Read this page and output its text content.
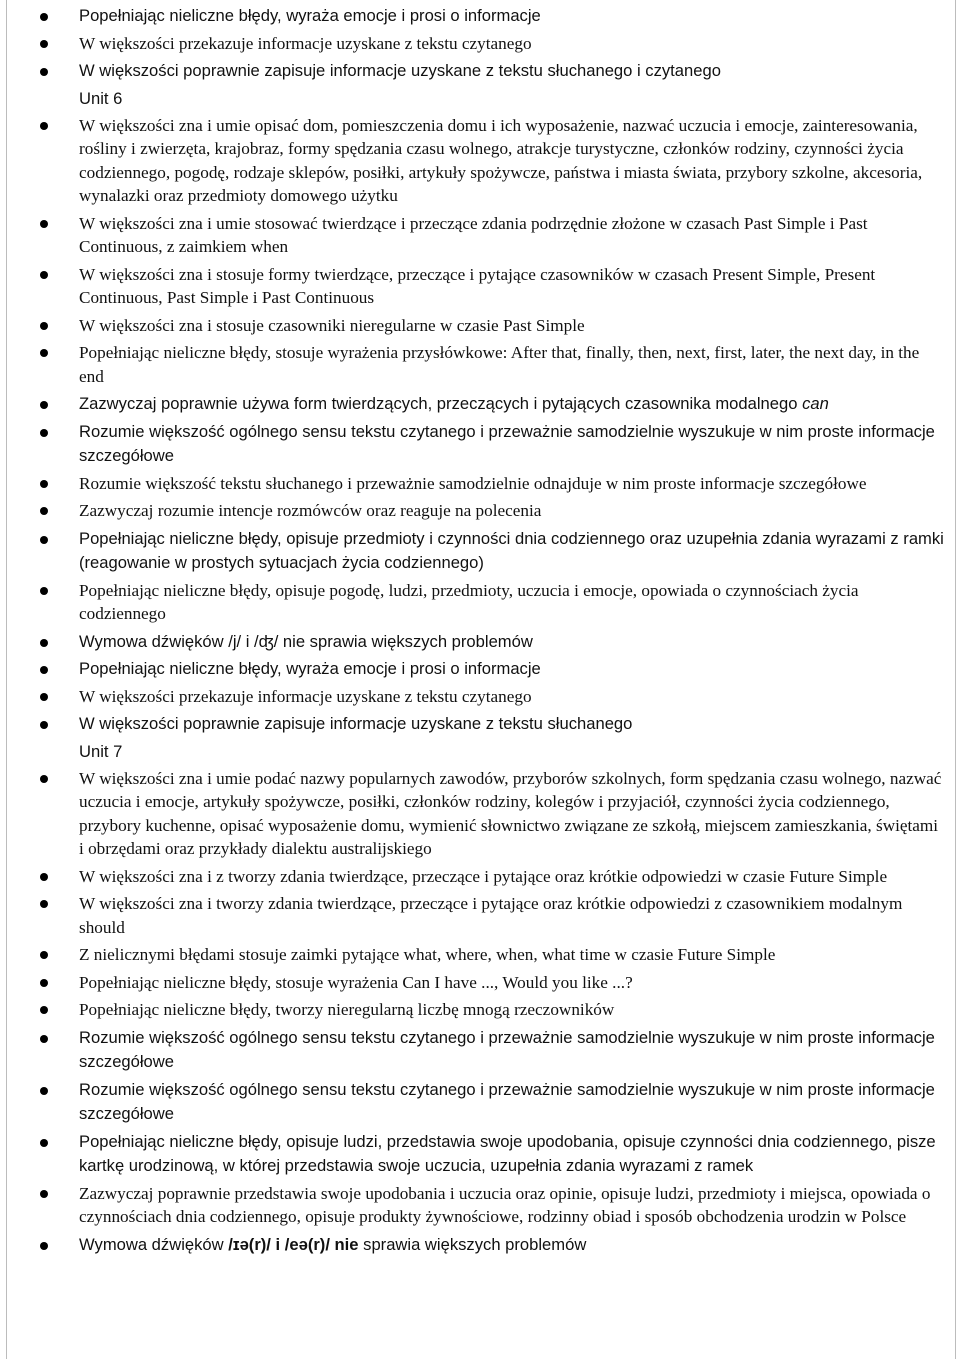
Popełniając nieliczne błędy, wyraża emocje i prosi o informacje
W większości przekazuje informacje uzyskane z tekstu czytanego
W większości poprawnie zapisuje informacje uzyskane z tekstu słuchanego i czytanego
Unit 6
W większości zna i umie opisać dom, pomieszczenia domu i ich wyposażenie, nazwać uczucia i emocje, zainteresowania, rośliny i zwierzęta, krajobraz, formy spędzania czasu wolnego, atrakcje turystyczne, członków rodziny, czynności życia codziennego, pogodę, rodzaje sklepów, posiłki, artykuły spożywcze, państwa i miasta świata, przybory szkolne, akcesoria, wynalazki oraz przedmioty domowego użytku
W większości zna i umie stosować twierdzące i przeczące zdania podrzędnie złożone w czasach Past Simple i Past Continuous, z zaimkiem when
W większości zna i stosuje formy twierdzące, przeczące i pytające czasowników w czasach Present Simple, Present Continuous, Past Simple i Past Continuous
W większości zna i stosuje czasowniki nieregularne w czasie Past Simple
Popełniając nieliczne błędy, stosuje wyrażenia przysłówkowe: After that, finally, then, next, first, later, the next day, in the end
Zazwyczaj poprawnie używa form twierdzących, przeczących i pytających czasownika modalnego can
Rozumie większość ogólnego sensu tekstu czytanego i przeważnie samodzielnie wyszukuje w nim proste informacje szczegółowe
Rozumie większość tekstu słuchanego i przeważnie samodzielnie odnajduje w nim proste informacje szczegółowe
Zazwyczaj rozumie intencje rozmówców oraz reaguje na polecenia
Popełniając nieliczne błędy, opisuje przedmioty i czynności dnia codziennego oraz uzupełnia zdania wyrazami z ramki (reagowanie w prostych sytuacjach życia codziennego)
Popełniając nieliczne błędy, opisuje pogodę, ludzi, przedmioty, uczucia i emocje, opowiada o czynnościach życia codziennego
Wymowa dźwięków /j/ i /ʤ/ nie sprawia większych problemów
Popełniając nieliczne błędy, wyraża emocje i prosi o informacje
W większości przekazuje informacje uzyskane z tekstu czytanego
W większości poprawnie zapisuje informacje uzyskane z tekstu słuchanego
Unit 7
W większości zna i umie podać nazwy popularnych zawodów, przyborów szkolnych, form spędzania czasu wolnego, nazwać uczucia i emocje, artykuły spożywcze, posiłki, członków rodziny, kolegów i przyjaciół, czynności życia codziennego, przybory kuchenne, opisać wyposażenie domu, wymienić słownictwo związane ze szkołą, miejscem zamieszkania, świętami i obrzędami oraz przykłady dialektu australijskiego
W większości zna i z tworzy zdania twierdzące, przeczące i pytające oraz krótkie odpowiedzi w czasie Future Simple
W większości zna i tworzy zdania twierdzące, przeczące i pytające oraz krótkie odpowiedzi z czasownikiem modalnym should
Z nielicznymi błędami stosuje zaimki pytające what, where, when, what time w czasie Future Simple
Popełniając nieliczne błędy, stosuje wyrażenia Can I have ..., Would you like ...?
Popełniając nieliczne błędy, tworzy nieregularną liczbę mnogą rzeczowników
Rozumie większość ogólnego sensu tekstu czytanego i przeważnie samodzielnie wyszukuje w nim proste informacje szczegółowe
Rozumie większość ogólnego sensu tekstu czytanego i przeważnie samodzielnie wyszukuje w nim proste informacje szczegółowe
Popełniając nieliczne błędy, opisuje ludzi, przedstawia swoje upodobania, opisuje czynności dnia codziennego, pisze kartkę urodzinową, w której przedstawia swoje uczucia, uzupełnia zdania wyrazami z ramek
Zazwyczaj poprawnie przedstawia swoje upodobania i uczucia oraz opinie, opisuje ludzi, przedmioty i miejsca, opowiada o czynnościach dnia codziennego, opisuje produkty żywnościowe, rodzinny obiad i sposób obchodzenia urodzin w Polsce
Wymowa dźwięków /ɪə(r)/ i /eə(r)/ nie sprawia większych problemów
